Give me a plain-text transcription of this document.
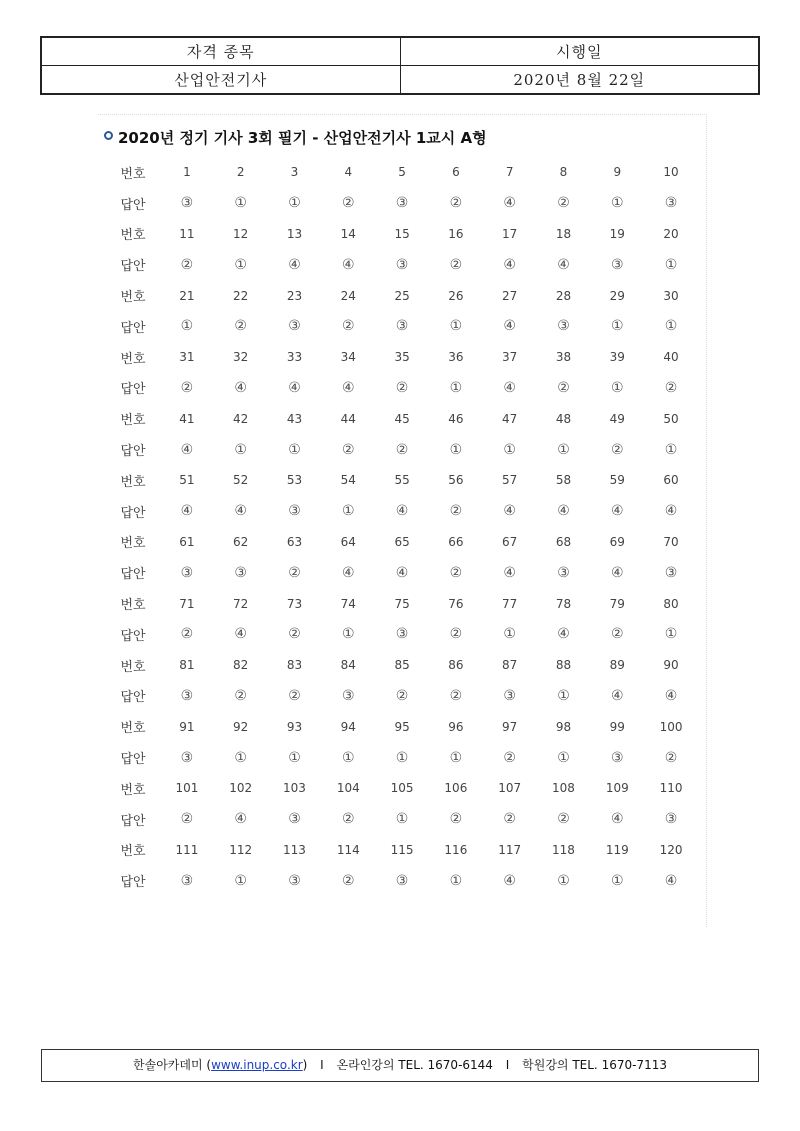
자격 종목	시행일
산업안전기사	2020년 8월 22일
2020년 정기 기사 3회 필기 - 산업안전기사 1교시 A형
번호	1	2	3	4	5	6	7	8	9	10
답안	③	①	①	②	③	②	④	②	①	③
번호	11	12	13	14	15	16	17	18	19	20
답안	②	①	④	④	③	②	④	④	③	①
번호	21	22	23	24	25	26	27	28	29	30
답안	①	②	③	②	③	①	④	③	①	①
번호	31	32	33	34	35	36	37	38	39	40
답안	②	④	④	④	②	①	④	②	①	②
번호	41	42	43	44	45	46	47	48	49	50
답안	④	①	①	②	②	①	①	①	②	①
번호	51	52	53	54	55	56	57	58	59	60
답안	④	④	③	①	④	②	④	④	④	④
번호	61	62	63	64	65	66	67	68	69	70
답안	③	③	②	④	④	②	④	③	④	③
번호	71	72	73	74	75	76	77	78	79	80
답안	②	④	②	①	③	②	①	④	②	①
번호	81	82	83	84	85	86	87	88	89	90
답안	③	②	②	③	②	②	③	①	④	④
번호	91	92	93	94	95	96	97	98	99	100
답안	③	①	①	①	①	①	②	①	③	②
번호	101	102	103	104	105	106	107	108	109	110
답안	②	④	③	②	①	②	②	②	④	③
번호	111	112	113	114	115	116	117	118	119	120
답안	③	①	③	②	③	①	④	①	①	④
한솔아카데미 (www.inup.co.kr) I 온라인강의 TEL. 1670-6144 I 학원강의 TEL. 1670-7113
